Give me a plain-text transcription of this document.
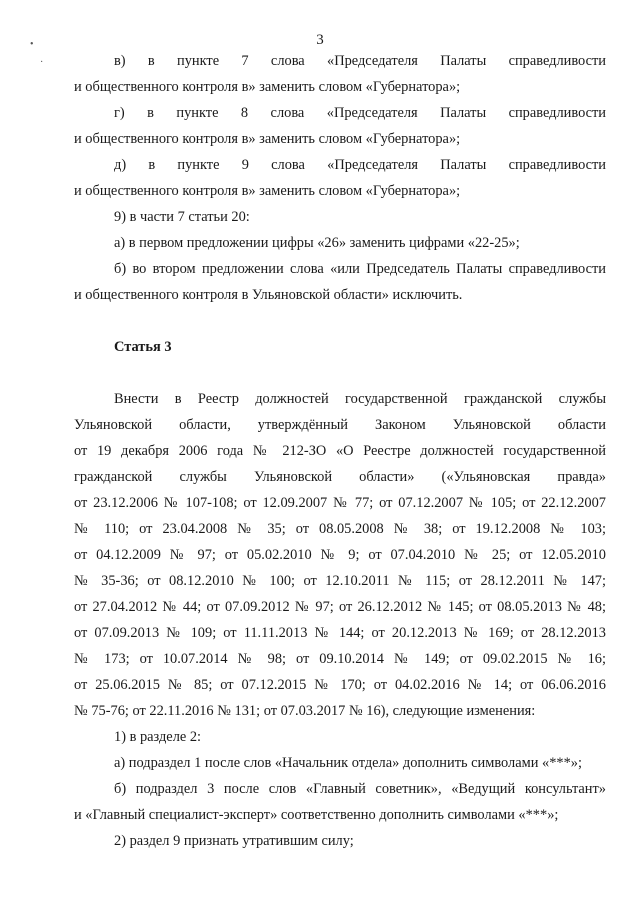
•
·
3
в) в пункте 7 слова «Председателя Палаты справедливости
и общественного контроля в» заменить словом «Губернатора»;
г) в пункте 8 слова «Председателя Палаты справедливости
и общественного контроля в» заменить словом «Губернатора»;
д) в пункте 9 слова «Председателя Палаты справедливости
и общественного контроля в» заменить словом «Губернатора»;
9) в части 7 статьи 20:
а) в первом предложении цифры «26» заменить цифрами «22-25»;
б) во втором предложении слова «или Председатель Палаты справедливости
и общественного контроля в Ульяновской области» исключить.
Статья 3
Внести в Реестр должностей государственной гражданской службы
Ульяновской области, утверждённый Законом Ульяновской области
от 19 декабря 2006 года № 212-ЗО «О Реестре должностей государственной
гражданской службы Ульяновской области» («Ульяновская правда»
от 23.12.2006 № 107-108; от 12.09.2007 № 77; от 07.12.2007 № 105; от 22.12.2007
№ 110; от 23.04.2008 № 35; от 08.05.2008 № 38; от 19.12.2008 № 103;
от 04.12.2009 № 97; от 05.02.2010 № 9; от 07.04.2010 № 25; от 12.05.2010
№ 35-36; от 08.12.2010 № 100; от 12.10.2011 № 115; от 28.12.2011 № 147;
от 27.04.2012 № 44; от 07.09.2012 № 97; от 26.12.2012 № 145; от 08.05.2013 № 48;
от 07.09.2013 № 109; от 11.11.2013 № 144; от 20.12.2013 № 169; от 28.12.2013
№ 173; от 10.07.2014 № 98; от 09.10.2014 № 149; от 09.02.2015 № 16;
от 25.06.2015 № 85; от 07.12.2015 № 170; от 04.02.2016 № 14; от 06.06.2016
№ 75-76; от 22.11.2016 № 131; от 07.03.2017 № 16), следующие изменения:
1) в разделе 2:
а) подраздел 1 после слов «Начальник отдела» дополнить символами «***»;
б) подраздел 3 после слов «Главный советник», «Ведущий консультант»
и «Главный специалист-эксперт» соответственно дополнить символами «***»;
2) раздел 9 признать утратившим силу;
